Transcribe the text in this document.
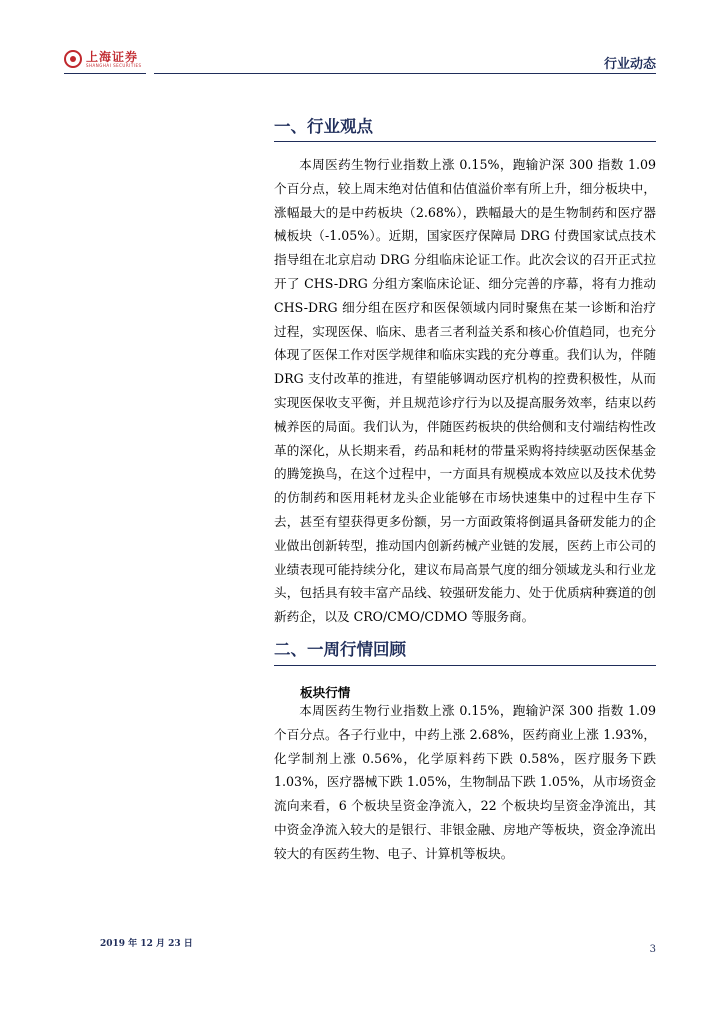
上海证券
SHANGHAI SECURITIES	行业动态
一、行业观点

本周医药生物行业指数上涨 0.15%，跑输沪深 300 指数 1.09 个百分点，较上周末绝对估值和估值溢价率有所上升，细分板块中，涨幅最大的是中药板块（2.68%），跌幅最大的是生物制药和医疗器械板块（-1.05%）。近期，国家医疗保障局 DRG 付费国家试点技术指导组在北京启动 DRG 分组临床论证工作。此次会议的召开正式拉开了 CHS-DRG 分组方案临床论证、细分完善的序幕，将有力推动 CHS-DRG 细分组在医疗和医保领域内同时聚焦在某一诊断和治疗过程，实现医保、临床、患者三者利益关系和核心价值趋同，也充分体现了医保工作对医学规律和临床实践的充分尊重。我们认为，伴随 DRG 支付改革的推进，有望能够调动医疗机构的控费积极性，从而实现医保收支平衡，并且规范诊疗行为以及提高服务效率，结束以药械养医的局面。我们认为，伴随医药板块的供给侧和支付端结构性改革的深化，从长期来看，药品和耗材的带量采购将持续驱动医保基金的腾笼换鸟，在这个过程中，一方面具有规模成本效应以及技术优势的仿制药和医用耗材龙头企业能够在市场快速集中的过程中生存下去，甚至有望获得更多份额，另一方面政策将倒逼具备研发能力的企业做出创新转型，推动国内创新药械产业链的发展，医药上市公司的业绩表现可能持续分化，建议布局高景气度的细分领域龙头和行业龙头，包括具有较丰富产品线、较强研发能力、处于优质病种赛道的创新药企，以及 CRO/CMO/CDMO 等服务商。

二、一周行情回顾
板块行情

本周医药生物行业指数上涨 0.15%，跑输沪深 300 指数 1.09 个百分点。各子行业中，中药上涨 2.68%，医药商业上涨 1.93%，化学制剂上涨 0.56%，化学原料药下跌 0.58%，医疗服务下跌 1.03%，医疗器械下跌 1.05%，生物制品下跌 1.05%，从市场资金流向来看，6 个板块呈资金净流入，22 个板块均呈资金净流出，其中资金净流入较大的是银行、非银金融、房地产等板块，资金净流出较大的有医药生物、电子、计算机等板块。

2019 年 12 月 23 日	3
